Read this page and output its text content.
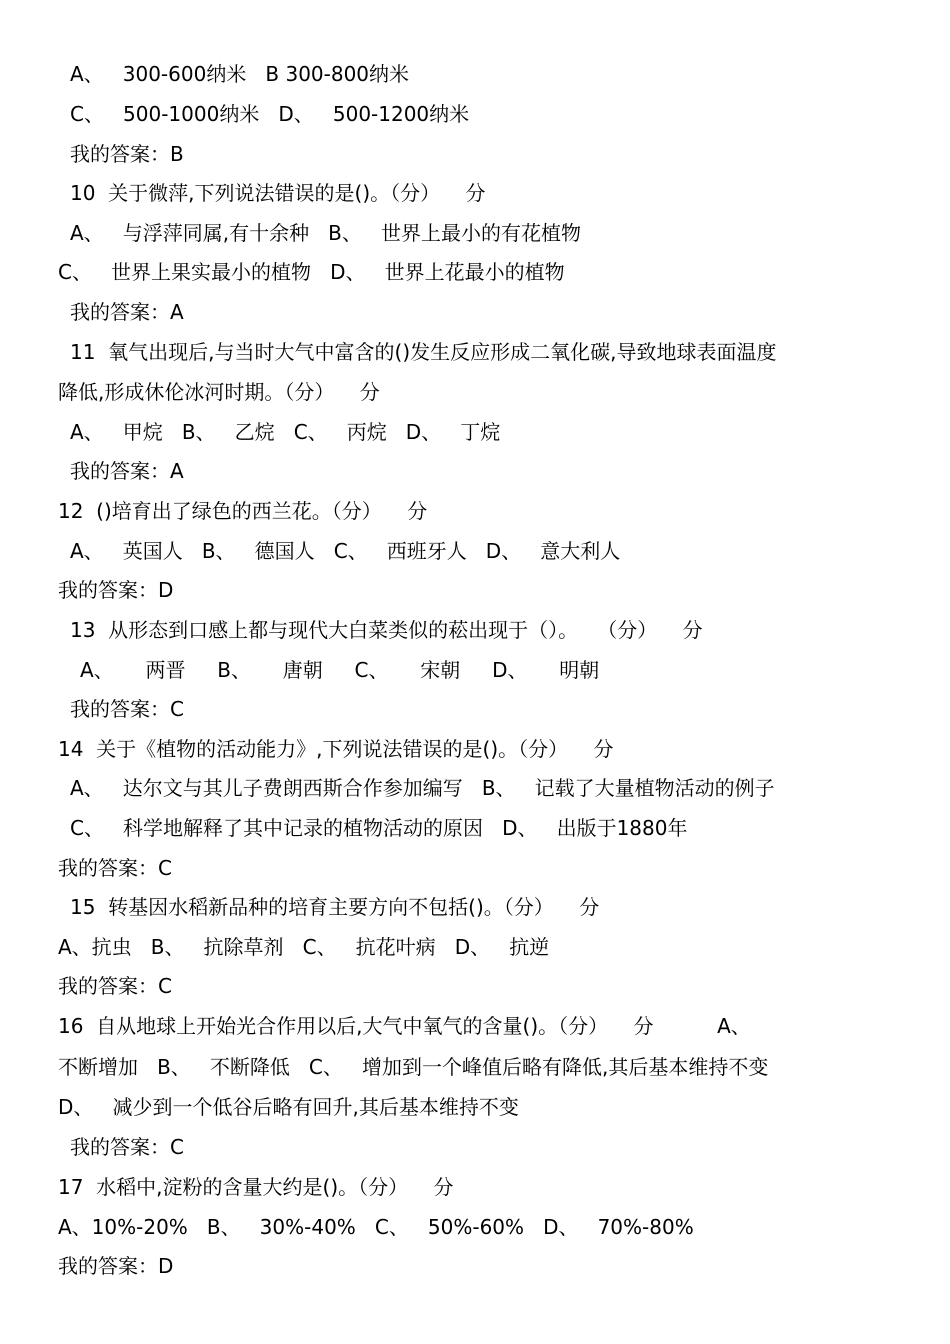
A、   300-600纳米   B 300-800纳米
C、   500-1000纳米   D、   500-1200纳米
我的答案：B
10  关于微萍,下列说法错误的是()。（分）    分
A、   与浮萍同属,有十余种   B、   世界上最小的有花植物
C、   世界上果实最小的植物   D、   世界上花最小的植物
我的答案：A
11  氧气出现后,与当时大气中富含的()发生反应形成二氧化碳,导致地球表面温度
降低,形成休伦冰河时期。（分）    分
A、   甲烷   B、   乙烷   C、   丙烷   D、   丁烷
我的答案：A
12  ()培育出了绿色的西兰花。（分）    分
A、   英国人   B、   德国人   C、   西班牙人   D、   意大利人
我的答案：D
13  从形态到口感上都与现代大白菜类似的菘出现于（）。   （分）    分
A、     两晋     B、     唐朝     C、     宋朝     D、     明朝
我的答案：C
14  关于《植物的活动能力》,下列说法错误的是()。（分）    分
A、   达尔文与其儿子费朗西斯合作参加编写   B、   记载了大量植物活动的例子
C、   科学地解释了其中记录的植物活动的原因   D、   出版于1880年
我的答案：C
15  转基因水稻新品种的培育主要方向不包括()。（分）    分
A、抗虫   B、   抗除草剂   C、   抗花叶病   D、   抗逆
我的答案：C
16  自从地球上开始光合作用以后,大气中氧气的含量()。（分）    分          A、
不断增加   B、   不断降低   C、   增加到一个峰值后略有降低,其后基本维持不变
D、   减少到一个低谷后略有回升,其后基本维持不变
我的答案：C
17  水稻中,淀粉的含量大约是()。（分）    分
A、10%-20%   B、   30%-40%   C、   50%-60%   D、   70%-80%
我的答案：D
